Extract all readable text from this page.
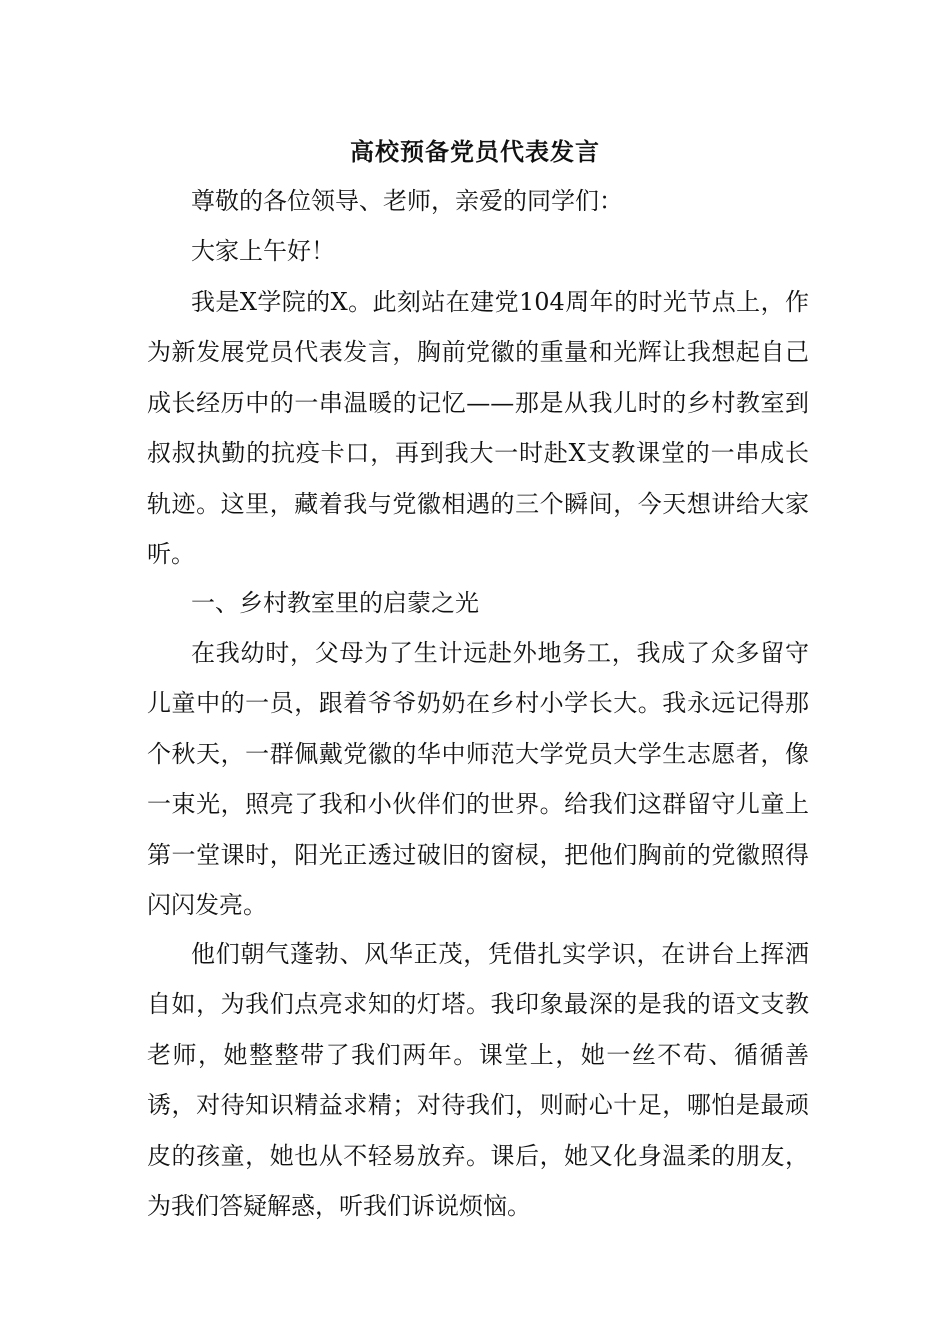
高校预备党员代表发言

尊敬的各位领导、老师，亲爱的同学们：

大家上午好！

我是X学院的X。此刻站在建党104周年的时光节点上，作为新发展党员代表发言，胸前党徽的重量和光辉让我想起自己成长经历中的一串温暖的记忆——那是从我儿时的乡村教室到叔叔执勤的抗疫卡口，再到我大一时赴X支教课堂的一串成长轨迹。这里，藏着我与党徽相遇的三个瞬间，今天想讲给大家听。

一、乡村教室里的启蒙之光

在我幼时，父母为了生计远赴外地务工，我成了众多留守儿童中的一员，跟着爷爷奶奶在乡村小学长大。我永远记得那个秋天，一群佩戴党徽的华中师范大学党员大学生志愿者，像一束光，照亮了我和小伙伴们的世界。给我们这群留守儿童上第一堂课时，阳光正透过破旧的窗棂，把他们胸前的党徽照得闪闪发亮。

他们朝气蓬勃、风华正茂，凭借扎实学识，在讲台上挥洒自如，为我们点亮求知的灯塔。我印象最深的是我的语文支教老师，她整整带了我们两年。课堂上，她一丝不苟、循循善诱，对待知识精益求精；对待我们，则耐心十足，哪怕是最顽皮的孩童，她也从不轻易放弃。课后，她又化身温柔的朋友，为我们答疑解惑，听我们诉说烦恼。
